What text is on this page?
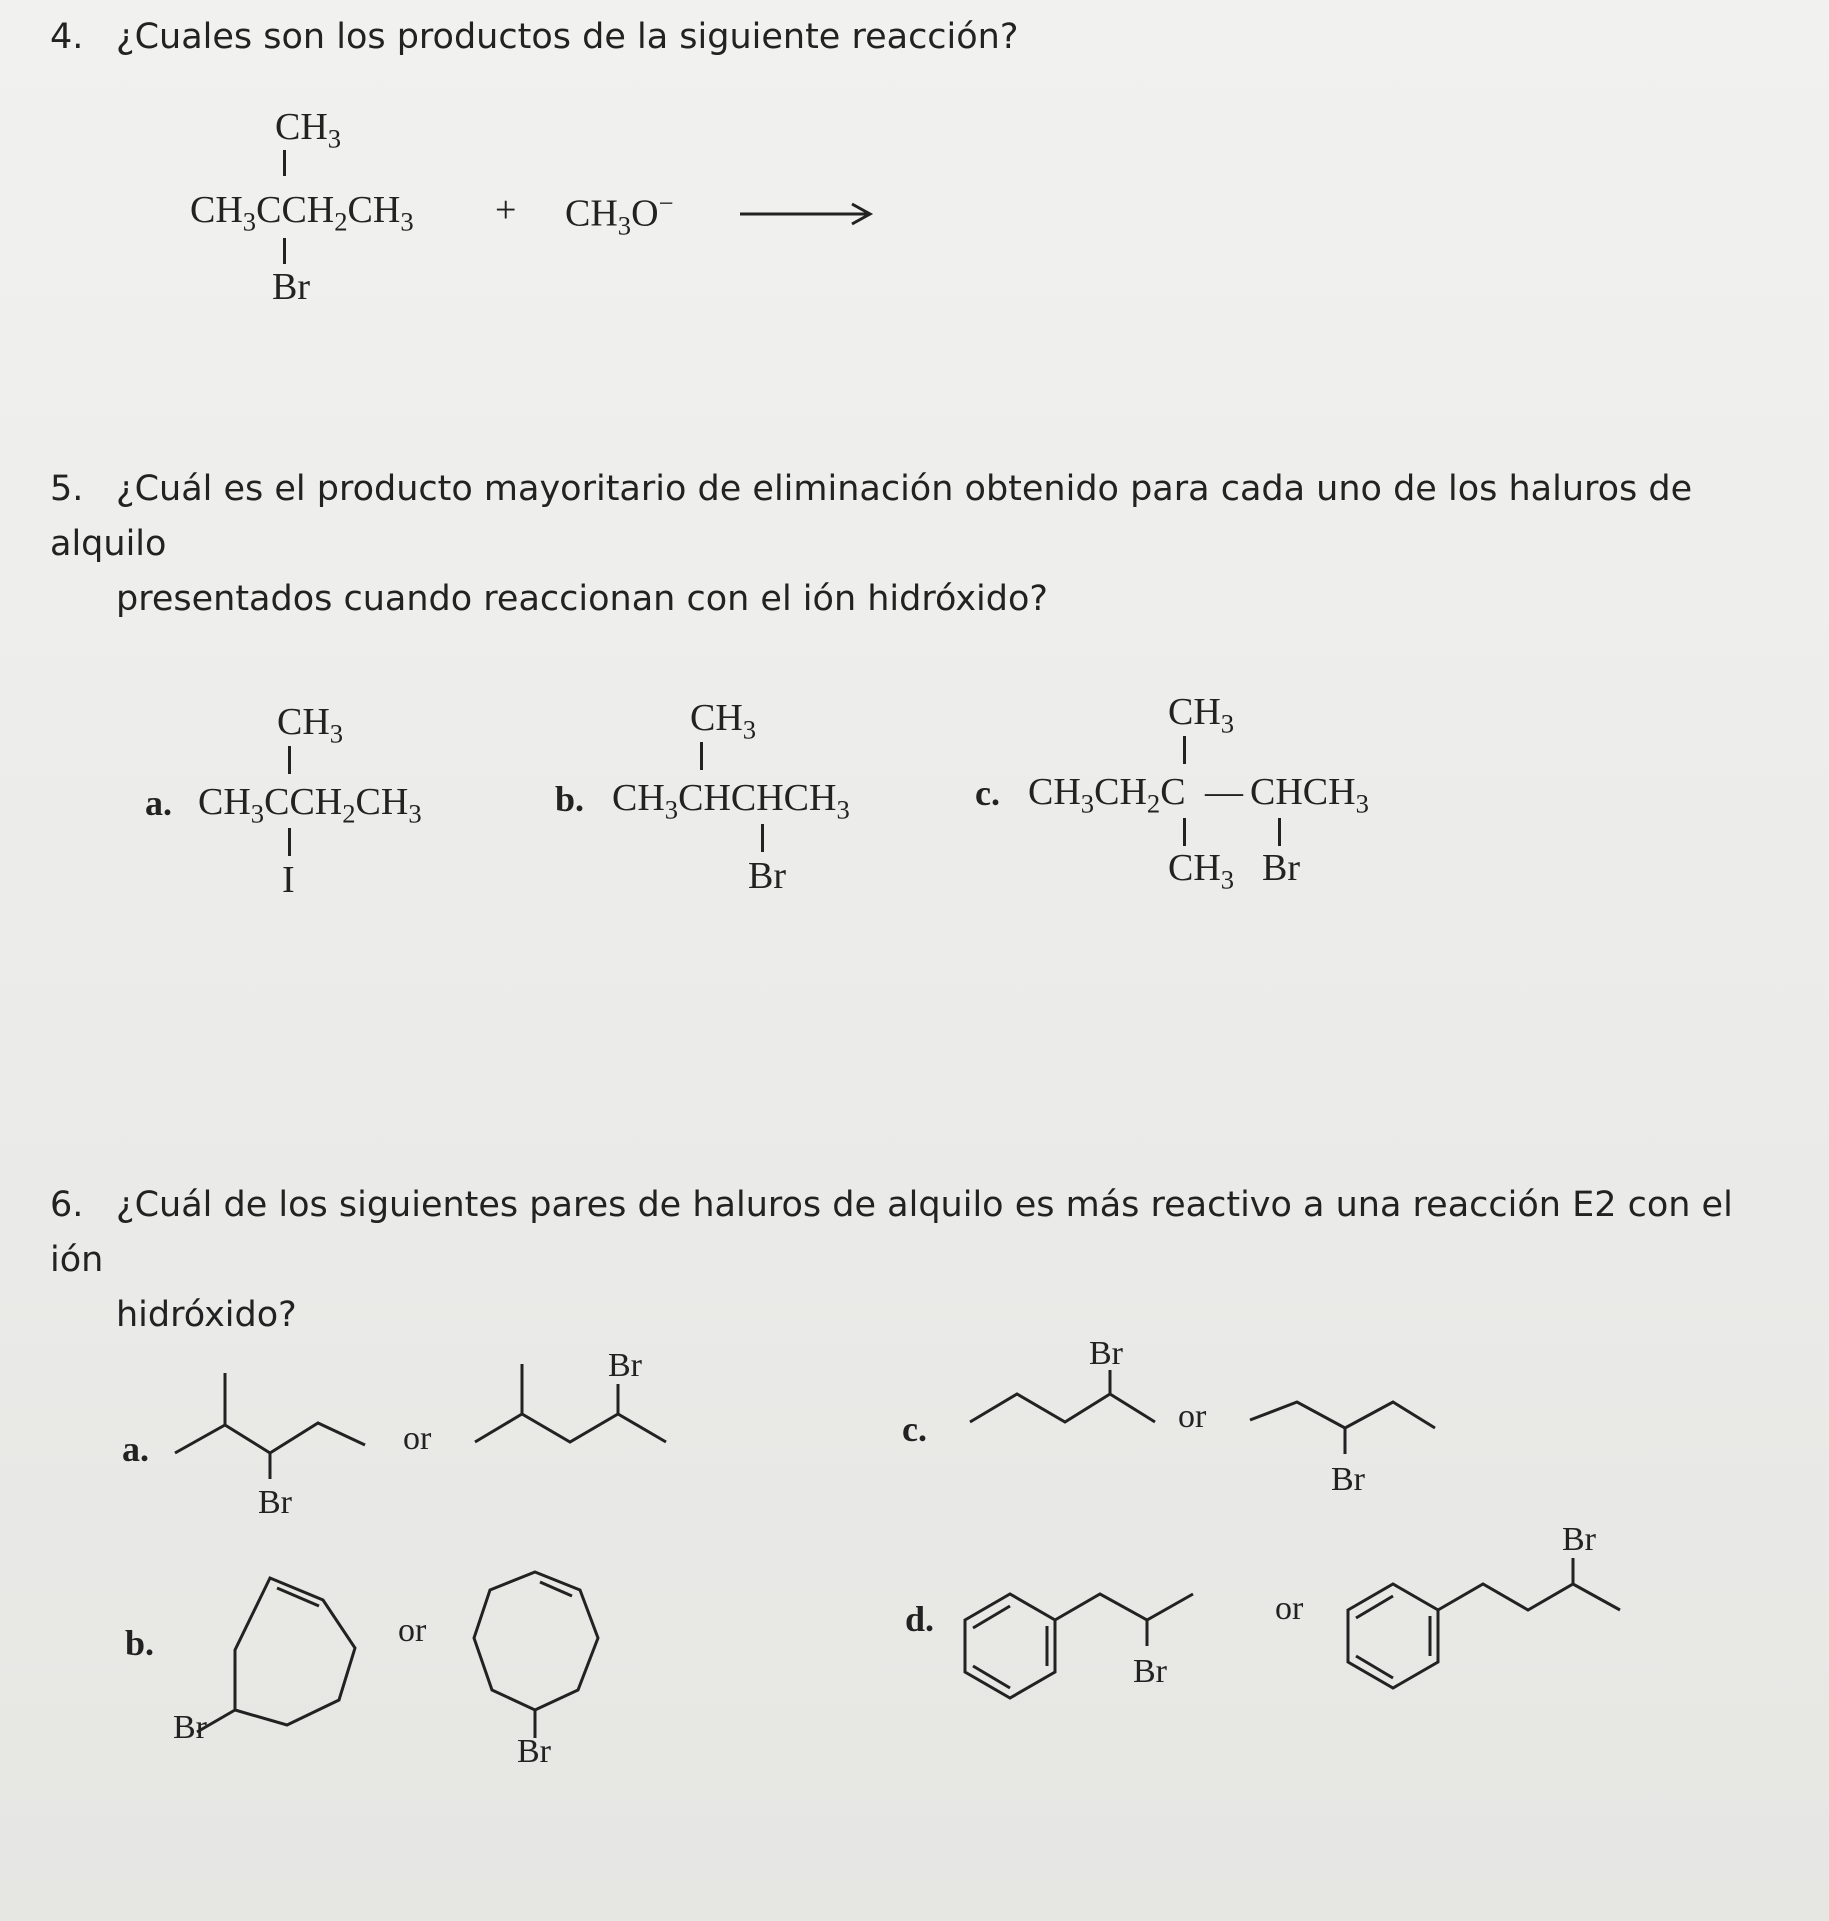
4. ¿Cuales son los productos de la siguiente reacción?
$CH_3$
$CH_3CCH_2CH_3$
Br
+ $CH_3O^-$
5. ¿Cuál es el producto mayoritario de eliminación obtenido para cada uno de los haluros de alquilo
presentados cuando reaccionan con el ión hidróxido?
a.
$CH_3$
$CH_3CCH_2CH_3$
I
b.
$CH_3$
$CH_3CHCHCH_3$
Br
c.
$CH_3$
$CH_3CH_2C$ — $CHCH_3$
$CH_3$ Br
6. ¿Cuál de los siguientes pares de haluros de alquilo es más reactivo a una reacción E2 con el ión
hidróxido?
a.
Br
or
Br
b.
Br
or
Br
c.
Br
or
Br
d.
Br
or
Br
